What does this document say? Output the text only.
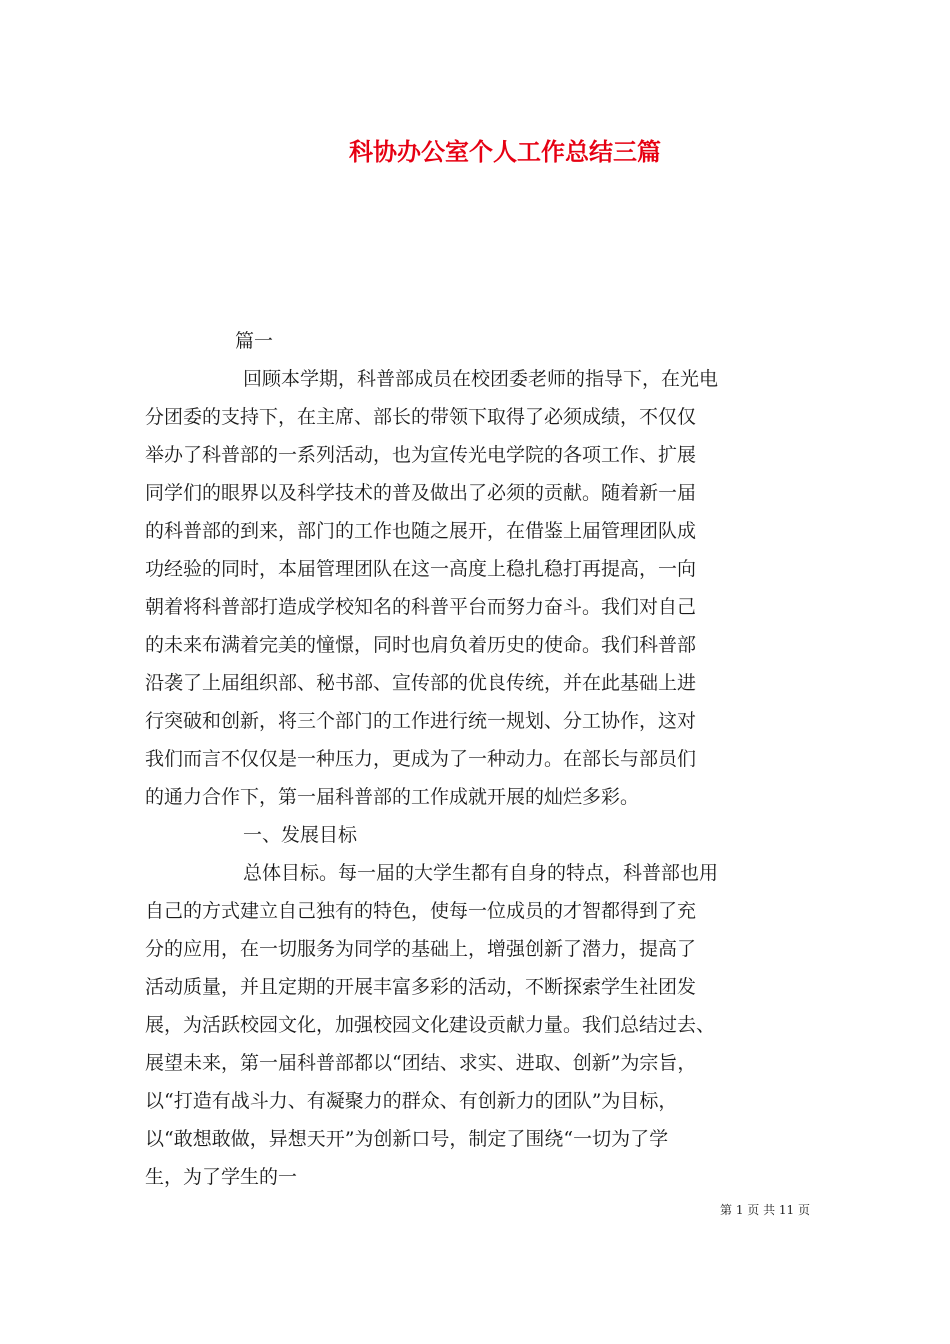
科协办公室个人工作总结三篇
篇一
回顾本学期，科普部成员在校团委老师的指导下，在光电
分团委的支持下，在主席、部长的带领下取得了必须成绩，不仅仅
举办了科普部的一系列活动，也为宣传光电学院的各项工作、扩展
同学们的眼界以及科学技术的普及做出了必须的贡献。随着新一届
的科普部的到来，部门的工作也随之展开，在借鉴上届管理团队成
功经验的同时，本届管理团队在这一高度上稳扎稳打再提高，一向
朝着将科普部打造成学校知名的科普平台而努力奋斗。我们对自己
的未来布满着完美的憧憬，同时也肩负着历史的使命。我们科普部
沿袭了上届组织部、秘书部、宣传部的优良传统，并在此基础上进
行突破和创新，将三个部门的工作进行统一规划、分工协作，这对
我们而言不仅仅是一种压力，更成为了一种动力。在部长与部员们
的通力合作下，第一届科普部的工作成就开展的灿烂多彩。
一、发展目标
总体目标。每一届的大学生都有自身的特点，科普部也用
自己的方式建立自己独有的特色，使每一位成员的才智都得到了充
分的应用，在一切服务为同学的基础上，增强创新了潜力，提高了
活动质量，并且定期的开展丰富多彩的活动，不断探索学生社团发
展，为活跃校园文化，加强校园文化建设贡献力量。我们总结过去、
展望未来，第一届科普部都以“团结、求实、进取、创新”为宗旨，
以“打造有战斗力、有凝聚力的群众、有创新力的团队”为目标，
以“敢想敢做，异想天开”为创新口号，制定了围绕“一切为了学
生，为了学生的一
第 1 页 共 11 页
